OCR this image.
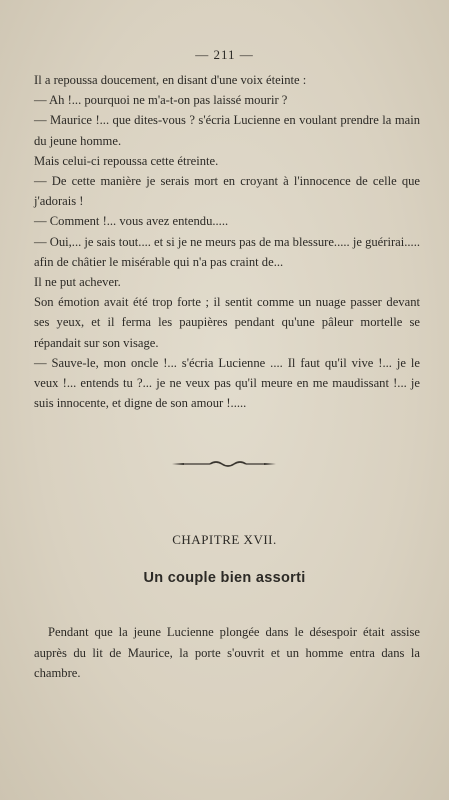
— 211 —

Il a repoussa doucement, en disant d'une voix éteinte :

— Ah !... pourquoi ne m'a-t-on pas laissé mourir ?

— Maurice !... que dites-vous ? s'écria Lucienne en voulant prendre la main du jeune homme.

Mais celui-ci repoussa cette étreinte.

— De cette manière je serais mort en croyant à l'innocence de celle que j'adorais !

— Comment !... vous avez entendu.....

— Oui,... je sais tout.... et si je ne meurs pas de ma blessure..... je guérirai..... afin de châtier le misérable qui n'a pas craint de...

Il ne put achever.

Son émotion avait été trop forte ; il sentit comme un nuage passer devant ses yeux, et il ferma les paupières pendant qu'une pâleur mortelle se répandait sur son visage.

— Sauve-le, mon oncle !... s'écria Lucienne .... Il faut qu'il vive !... je le veux !... entends tu ?... je ne veux pas qu'il meure en me maudissant !... je suis innocente, et digne de son amour !.....

CHAPITRE XVII.
Un couple bien assorti

Pendant que la jeune Lucienne plongée dans le désespoir était assise auprès du lit de Maurice, la porte s'ouvrit et un homme entra dans la chambre.
